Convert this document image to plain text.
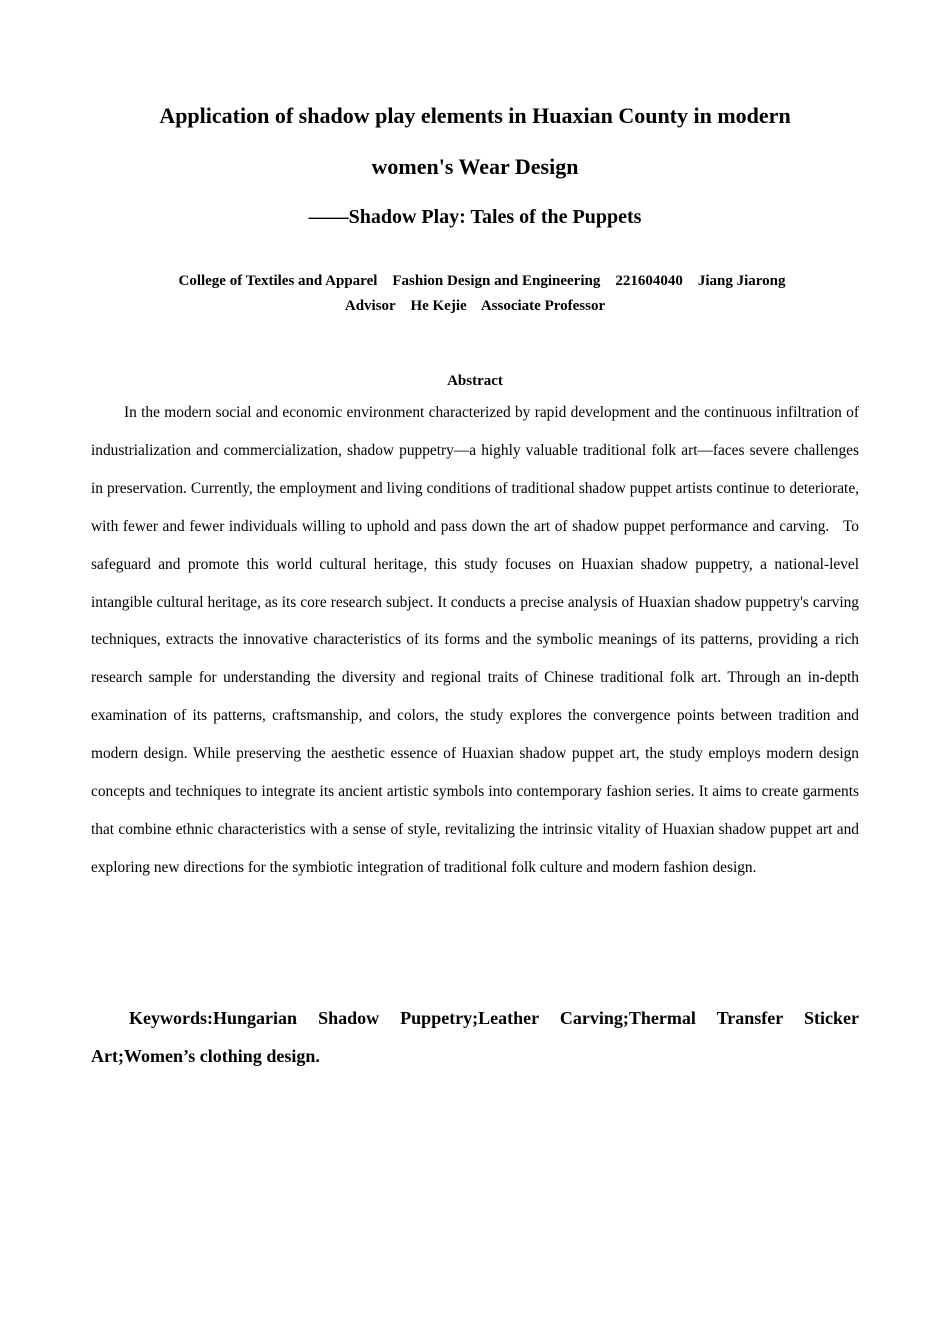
Application of shadow play elements in Huaxian County in modern
women's Wear Design
——Shadow Play: Tales of the Puppets

College of Textiles and Apparel    Fashion Design and Engineering    221604040    Jiang Jiarong

Advisor    He Kejie    Associate Professor

Abstract

In the modern social and economic environment characterized by rapid development and the continuous infiltration of industrialization and commercialization, shadow puppetry—a highly valuable traditional folk art—faces severe challenges in preservation. Currently, the employment and living conditions of traditional shadow puppet artists continue to deteriorate, with fewer and fewer individuals willing to uphold and pass down the art of shadow puppet performance and carving.   To safeguard and promote this world cultural heritage, this study focuses on Huaxian shadow puppetry, a national-level intangible cultural heritage, as its core research subject. It conducts a precise analysis of Huaxian shadow puppetry's carving techniques, extracts the innovative characteristics of its forms and the symbolic meanings of its patterns, providing a rich research sample for understanding the diversity and regional traits of Chinese traditional folk art. Through an in-depth examination of its patterns, craftsmanship, and colors, the study explores the convergence points between tradition and modern design. While preserving the aesthetic essence of Huaxian shadow puppet art, the study employs modern design concepts and techniques to integrate its ancient artistic symbols into contemporary fashion series. It aims to create garments that combine ethnic characteristics with a sense of style, revitalizing the intrinsic vitality of Huaxian shadow puppet art and exploring new directions for the symbiotic integration of traditional folk culture and modern fashion design.

Keywords:Hungarian Shadow Puppetry;Leather Carving;Thermal Transfer Sticker Art;Women’s clothing design.
